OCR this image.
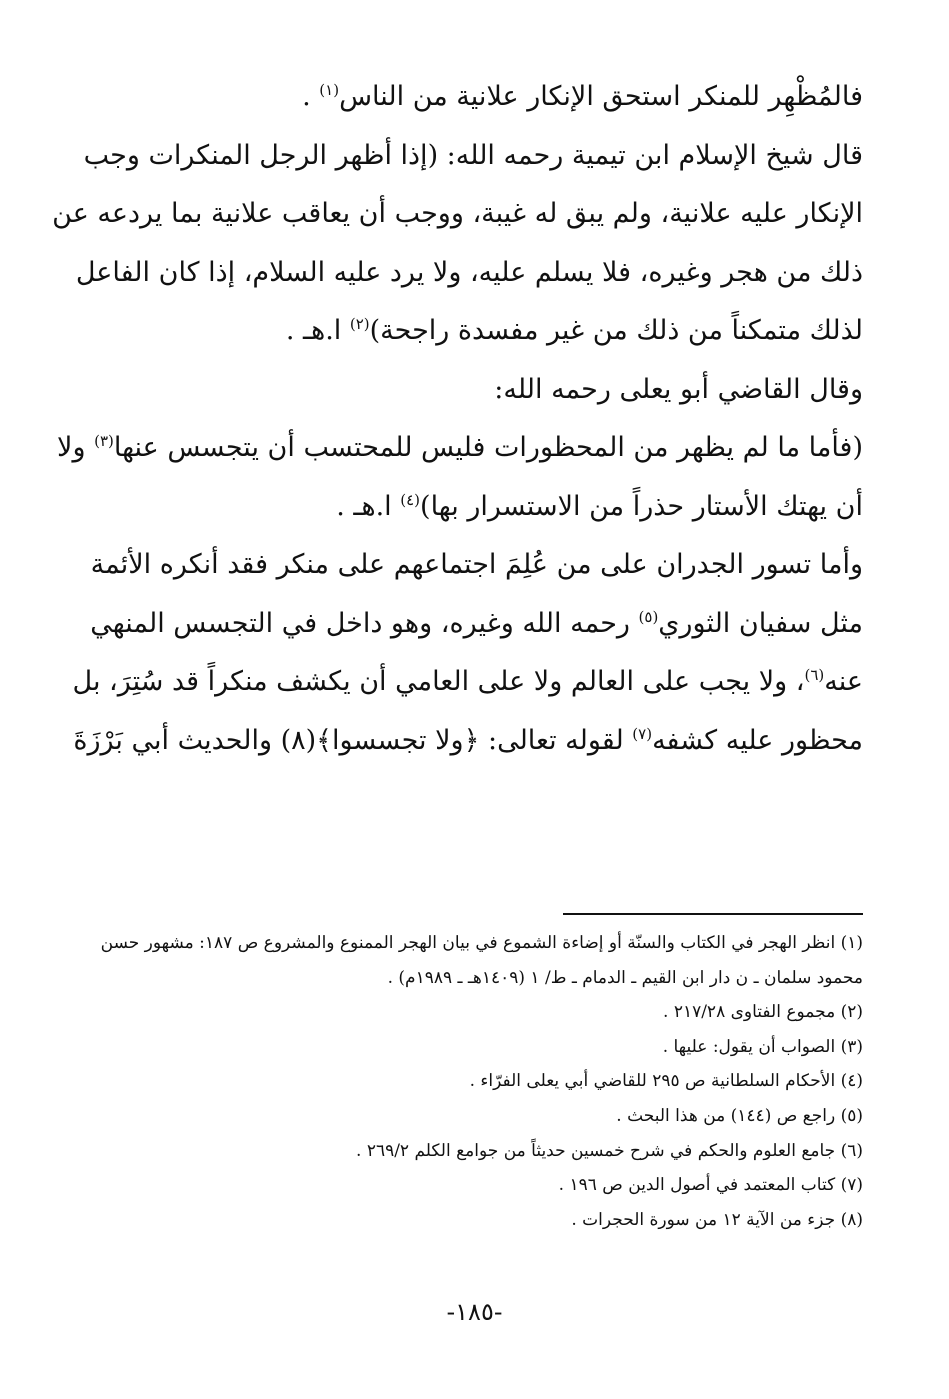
فالمُظْهِر للمنكر استحق الإنكار علانية من الناس$^{(١)}$ .
قال شيخ الإسلام ابن تيمية رحمه الله: (إذا أظهر الرجل المنكرات وجب
الإنكار عليه علانية، ولم يبق له غيبة، ووجب أن يعاقب علانية بما يردعه عن
ذلك من هجر وغيره، فلا يسلم عليه، ولا يرد عليه السلام، إذا كان الفاعل
لذلك متمكناً من ذلك من غير مفسدة راجحة)$^{(٢)}$ ا.هـ .
وقال القاضي أبو يعلى رحمه الله:
(فأما ما لم يظهر من المحظورات فليس للمحتسب أن يتجسس عنها$^{(٣)}$ ولا
أن يهتك الأستار حذراً من الاستسرار بها)$^{(٤)}$ ا.هـ .
وأما تسور الجدران على من عُلِمَ اجتماعهم على منكر فقد أنكره الأئمة
مثل سفيان الثوري$^{(٥)}$ رحمه الله وغيره، وهو داخل في التجسس المنهي
عنه$^{(٦)}$، ولا يجب على العالم ولا على العامي أن يكشف منكراً قد سُتِرَ، بل
محظور عليه كشفه$^{(٧)}$ لقوله تعالى: ﴿ولا تجسسوا﴾(٨) والحديث أبي بَرْزَةَ
(١) انظر الهجر في الكتاب والسنّة أو إضاءة الشموع في بيان الهجر الممنوع والمشروع ص ١٨٧: مشهور حسن
محمود سلمان ـ ن دار ابن القيم ـ الدمام ـ ط/ ١ (١٤٠٩هـ ـ ١٩٨٩م) .
(٢) مجموع الفتاوى ٢١٧/٢٨ .
(٣) الصواب أن يقول: عليها .
(٤) الأحكام السلطانية ص ٢٩٥ للقاضي أبي يعلى الفرّاء .
(٥) راجع ص (١٤٤) من هذا البحث .
(٦) جامع العلوم والحكم في شرح خمسين حديثاً من جوامع الكلم ٢٦٩/٢ .
(٧) كتاب المعتمد في أصول الدين ص ١٩٦ .
(٨) جزء من الآية ١٢ من سورة الحجرات .
-١٨٥-
